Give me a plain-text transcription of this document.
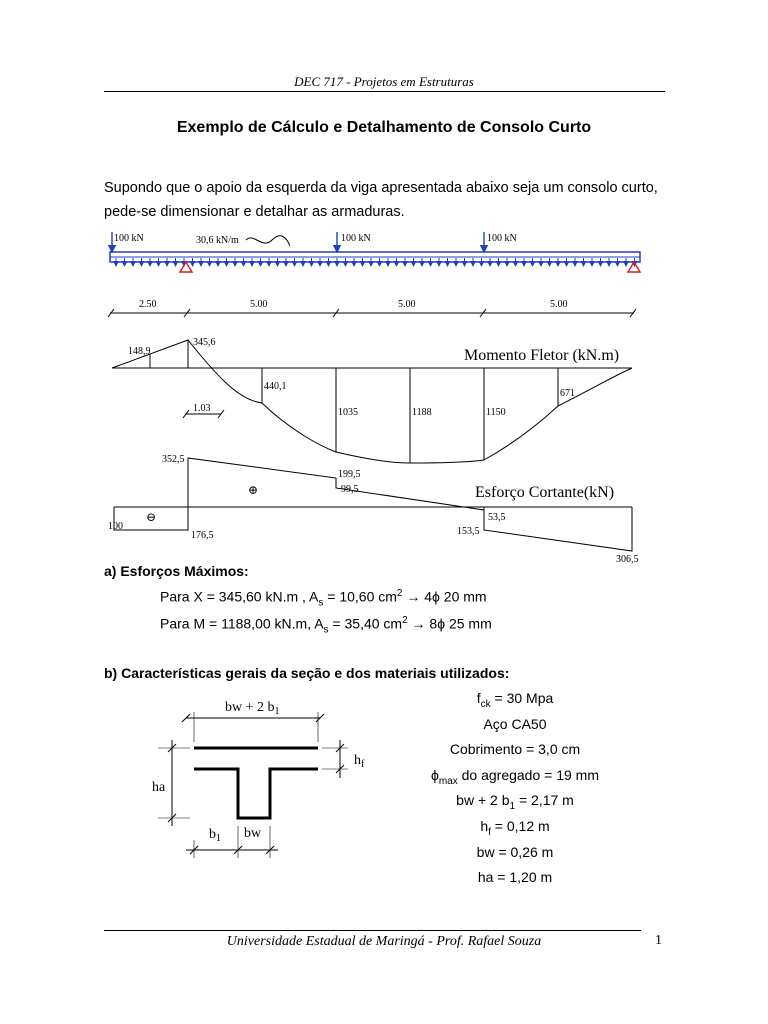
DEC 717 - Projetos em Estruturas
Exemplo de Cálculo e Detalhamento de Consolo Curto
Supondo que o apoio da esquerda da viga apresentada abaixo seja um consolo curto, pede-se dimensionar e detalhar as armaduras.
100 kN	100 kN	100 kN
30,6 kN/m
2.50	5.00	5.00	5.00
148,9
345,6
440,1
1035	1188	1150
671
1.03
Momento Fletor (kN.m)
352,5
199,5
99,5
100
176,5
53,5
153,5
306,5
⊕
⊖
Esforço Cortante(kN)
bw + 2 $b_1$
$h_f$
ha
$b_1$ bw
a) Esforços Máximos:
Para X = 345,60 kN.m , $A_s = 10,60$ $cm^2 \to 4\phi$ 20 mm
Para M = 1188,00 kN.m, $A_s = 35,40$ $cm^2 \to 8\phi$ 25 mm
b) Características gerais da seção e dos materiais utilizados:
$f_{ck} = 30$ Mpa
Aço CA50
Cobrimento = 3,0 cm
$\phi_{max}$ do agregado = 19 mm
bw + 2 $b_1 = 2,17$ m
$h_f = 0,12$ m
bw = 0,26 m
ha = 1,20 m
Universidade Estadual de Maringá - Prof. Rafael Souza	1
